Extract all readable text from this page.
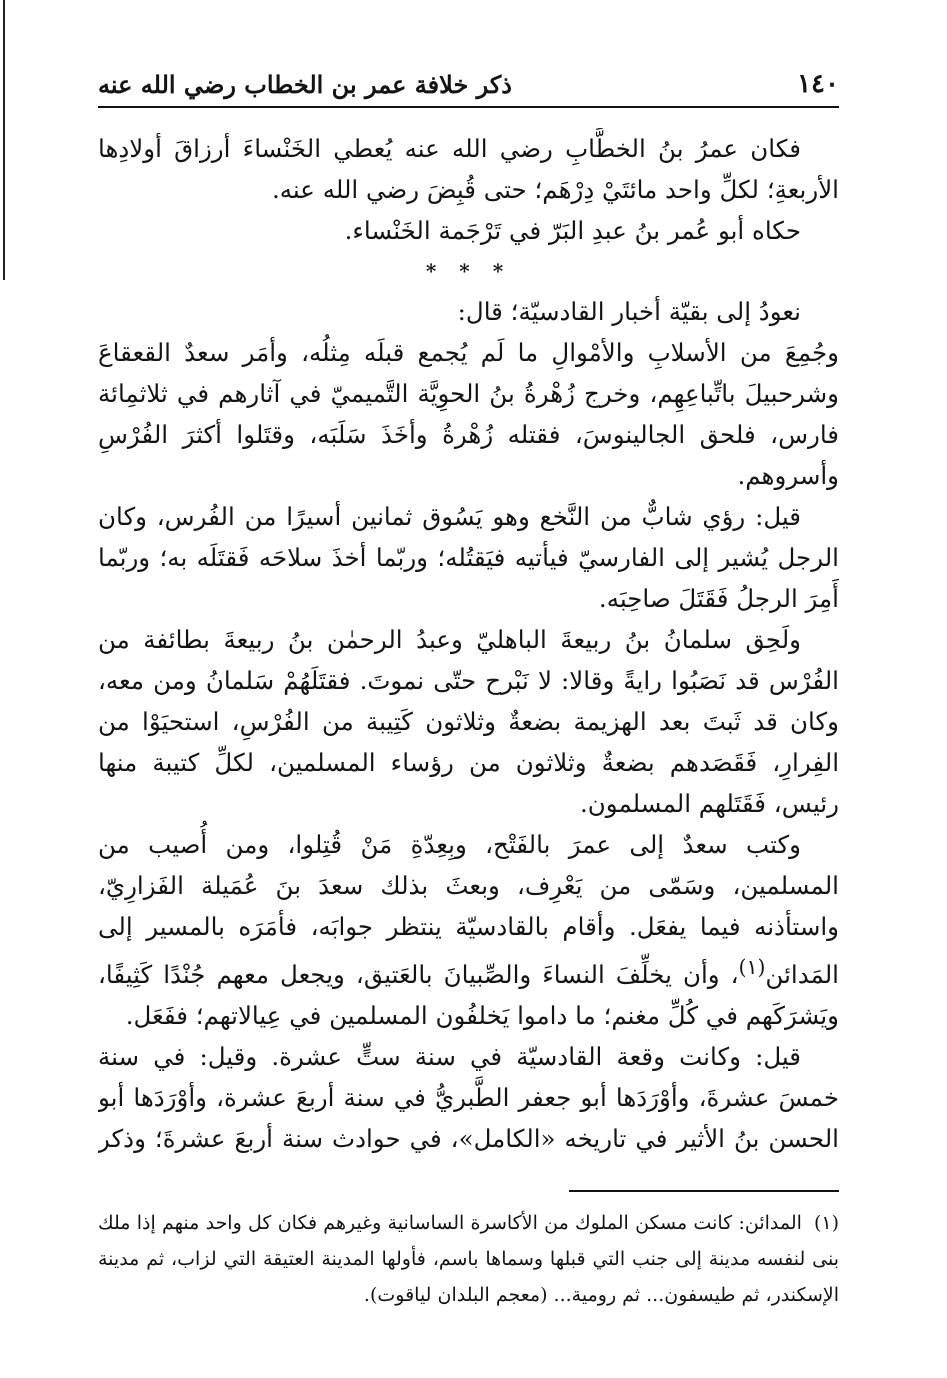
١٤٠
ذكر خلافة عمر بن الخطاب رضي الله عنه

فكان عمرُ بنُ الخطَّابِ رضي الله عنه يُعطي الخَنْساءَ أرزاقَ أولادِها الأربعةِ؛ لكلِّ واحد مائتَيْ دِرْهَم؛ حتى قُبِضَ رضي الله عنه.

حكاه أبو عُمر بنُ عبدِ البَرّ في تَرْجَمة الخَنْساء.

* * *

نعودُ إلى بقيّة أخبار القادسيّة؛ قال:

وجُمِعَ من الأسلابِ والأمْوالِ ما لَم يُجمع قبلَه مِثلُه، وأمَر سعدٌ القعقاعَ وشرحبيلَ باتِّباعِهِم، وخرج زُهْرةُ بنُ الحوِيَّة التَّميميّ في آثارهم في ثلاثمِائة فارس، فلحق الجالينوسَ، فقتله زُهْرةُ وأخَذَ سَلَبَه، وقتَلوا أكثرَ الفُرْسِ وأسروهم.

قيل: رؤي شابٌّ من النَّخع وهو يَسُوق ثمانين أسيرًا من الفُرس، وكان الرجل يُشير إلى الفارسيّ فيأتيه فيَقتُله؛ وربّما أخذَ سلاحَه فَقتَلَه به؛ وربّما أَمِرَ الرجلُ فَقَتَلَ صاحِبَه.

ولَحِق سلمانُ بنُ ربيعةَ الباهليّ وعبدُ الرحمٰن بنُ ربيعةَ بطائفة من الفُرْس قد نَصَبُوا رايةً وقالا: لا نَبْرح حتّى نموتَ. فقتَلَهُمْ سَلمانُ ومن معه، وكان قد ثَبتَ بعد الهزيمة بضعةٌ وثلاثون كَتِيبة من الفُرْسِ، استحيَوْا من الفِرارِ، فَقَصَدهم بضعةٌ وثلاثون من رؤساء المسلمين، لكلِّ كتيبة منها رئيس، فَقَتَلهم المسلمون.

وكتب سعدٌ إلى عمرَ بالفَتْح، وبِعِدّةِ مَنْ قُتِلوا، ومن أُصيب من المسلمين، وسَمّى من يَعْرِف، وبعثَ بذلك سعدَ بنَ عُمَيلة الفَزارِيّ، واستأذنه فيما يفعَل. وأقام بالقادسيّة ينتظر جوابَه، فأمَرَه بالمسير إلى المَدائن$^{(١)}$، وأن يخلِّفَ النساءَ والصِّبيانَ بالعَتيق، ويجعل معهم جُنْدًا كَثِيفًا، ويَشرَكَهم في كُلِّ مغنم؛ ما داموا يَخلفُون المسلمين في عِيالاتهم؛ ففَعَل.

قيل: وكانت وقعة القادسيّة في سنة ستٍّ عشرة. وقيل: في سنة خمسَ عشرةَ، وأوْرَدَها أبو جعفر الطَّبريُّ في سنة أربعَ عشرة، وأوْرَدَها أبو الحسن بنُ الأثير في تاريخه «الكامل»، في حوادث سنة أربعَ عشرةَ؛ وذكر

(١)المدائن: كانت مسكن الملوك من الأكاسرة الساسانية وغيرهم فكان كل واحد منهم إذا ملك بنى لنفسه مدينة إلى جنب التي قبلها وسماها باسم، فأولها المدينة العتيقة التي لزاب، ثم مدينة الإسكندر، ثم طيسفون... ثم رومية... (معجم البلدان لياقوت).
